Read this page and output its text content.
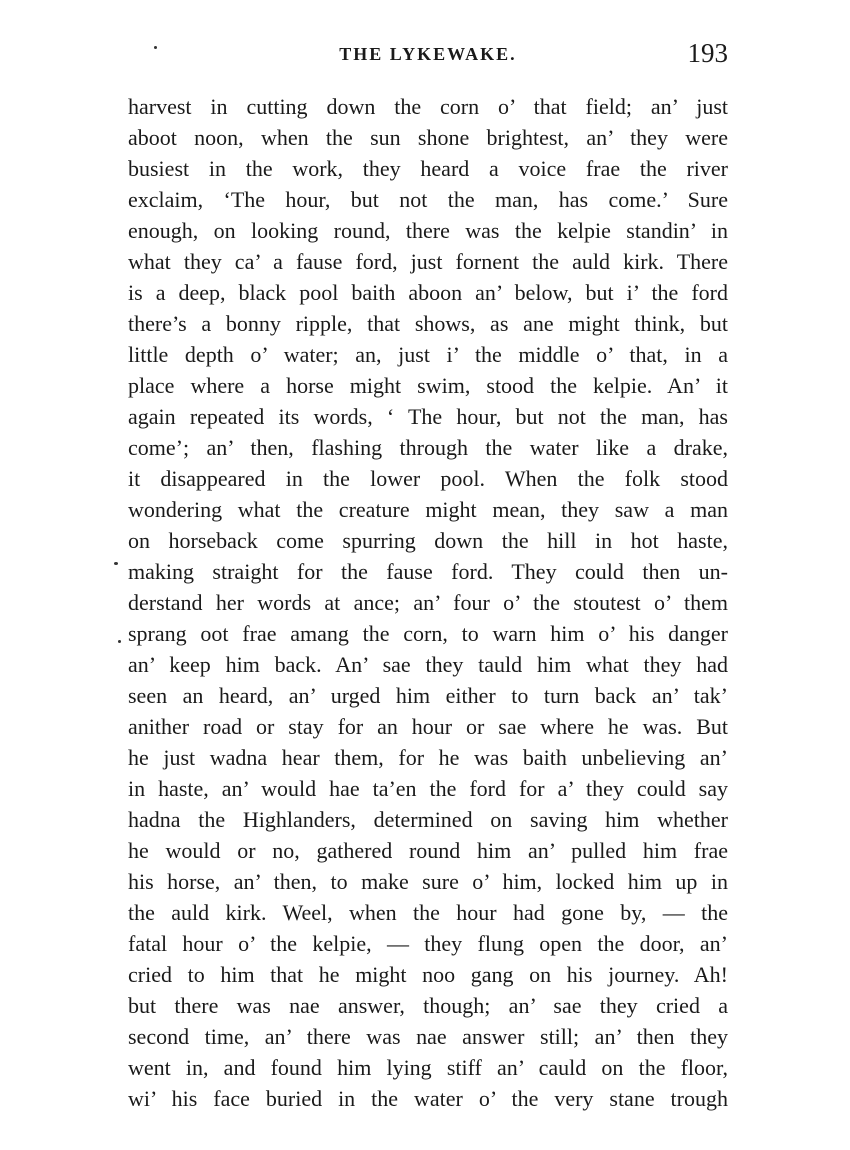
THE LYKEWAKE.	193
harvest in cutting down the corn o’ that field; an’ just
aboot noon, when the sun shone brightest, an’ they were
busiest in the work, they heard a voice frae the river
exclaim, ‘The hour, but not the man, has come.’ Sure
enough, on looking round, there was the kelpie standin’ in
what they ca’ a fause ford, just fornent the auld kirk. There
is a deep, black pool baith aboon an’ below, but i’ the ford
there’s a bonny ripple, that shows, as ane might think, but
little depth o’ water; an, just i’ the middle o’ that, in a
place where a horse might swim, stood the kelpie. An’ it
again repeated its words, ‘ The hour, but not the man, has
come’; an’ then, flashing through the water like a drake,
it disappeared in the lower pool. When the folk stood
wondering what the creature might mean, they saw a man
on horseback come spurring down the hill in hot haste,
making straight for the fause ford. They could then un-
derstand her words at ance; an’ four o’ the stoutest o’ them
sprang oot frae amang the corn, to warn him o’ his danger
an’ keep him back. An’ sae they tauld him what they had
seen an heard, an’ urged him either to turn back an’ tak’
anither road or stay for an hour or sae where he was. But
he just wadna hear them, for he was baith unbelieving an’
in haste, an’ would hae ta’en the ford for a’ they could say
hadna the Highlanders, determined on saving him whether
he would or no, gathered round him an’ pulled him frae
his horse, an’ then, to make sure o’ him, locked him up in
the auld kirk. Weel, when the hour had gone by, — the
fatal hour o’ the kelpie, — they flung open the door, an’
cried to him that he might noo gang on his journey. Ah!
but there was nae answer, though; an’ sae they cried a
second time, an’ there was nae answer still; an’ then they
went in, and found him lying stiff an’ cauld on the floor,
wi’ his face buried in the water o’ the very stane trough
